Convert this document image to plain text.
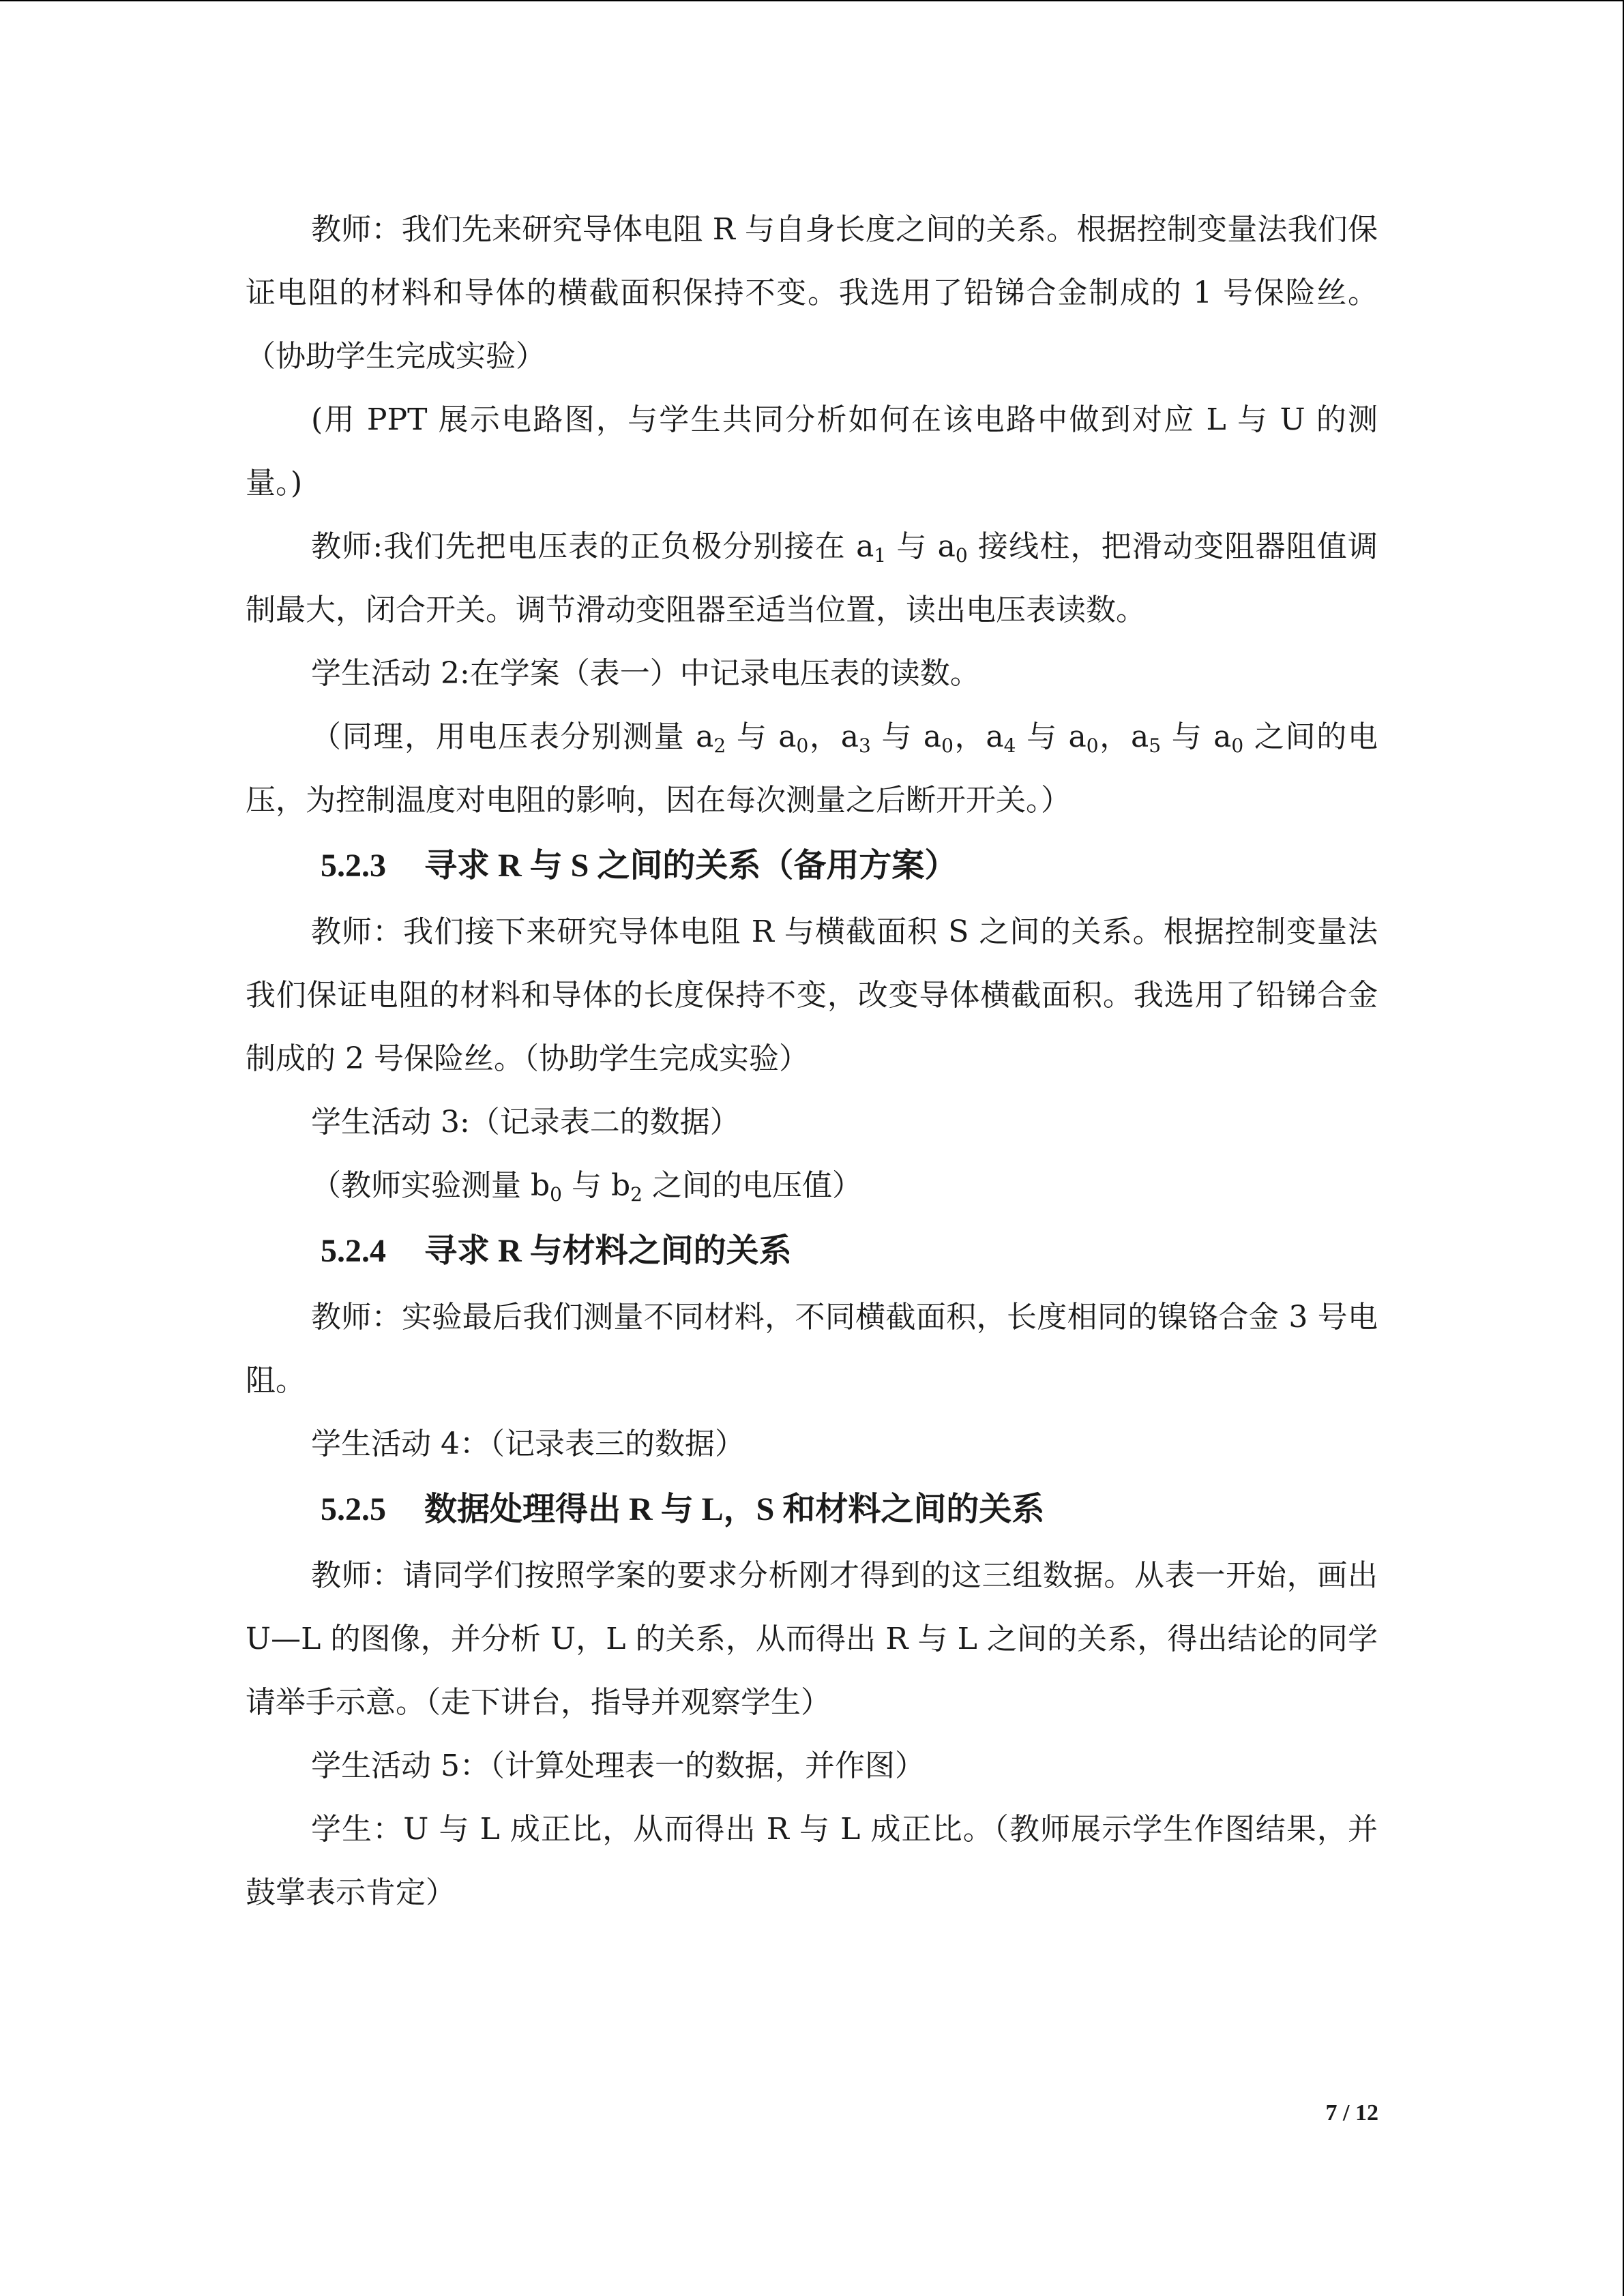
教师：我们先来研究导体电阻 R 与自身长度之间的关系。根据控制变量法我们保证电阻的材料和导体的横截面积保持不变。我选用了铅锑合金制成的 1 号保险丝。（协助学生完成实验）

(用 PPT 展示电路图，与学生共同分析如何在该电路中做到对应 L 与 U 的测量。)

教师:我们先把电压表的正负极分别接在 $a_1$ 与 $a_0$ 接线柱，把滑动变阻器阻值调制最大，闭合开关。调节滑动变阻器至适当位置，读出电压表读数。

学生活动 2:在学案（表一）中记录电压表的读数。

（同理，用电压表分别测量 $a_2$ 与 $a_0$，$a_3$ 与 $a_0$，$a_4$ 与 $a_0$，$a_5$ 与 $a_0$ 之间的电压，为控制温度对电阻的影响，因在每次测量之后断开开关。）

5.2.3 寻求 R 与 S 之间的关系（备用方案）

教师：我们接下来研究导体电阻 R 与横截面积 S 之间的关系。根据控制变量法我们保证电阻的材料和导体的长度保持不变，改变导体横截面积。我选用了铅锑合金制成的 2 号保险丝。（协助学生完成实验）

学生活动 3:（记录表二的数据）

（教师实验测量 $b_0$ 与 $b_2$ 之间的电压值）

5.2.4 寻求 R 与材料之间的关系

教师：实验最后我们测量不同材料，不同横截面积，长度相同的镍铬合金 3 号电阻。

学生活动 4：（记录表三的数据）

5.2.5 数据处理得出 R 与 L，S 和材料之间的关系

教师：请同学们按照学案的要求分析刚才得到的这三组数据。从表一开始，画出 U—L 的图像，并分析 U，L 的关系，从而得出 R 与 L 之间的关系，得出结论的同学请举手示意。（走下讲台，指导并观察学生）

学生活动 5：（计算处理表一的数据，并作图）

学生：U 与 L 成正比，从而得出 R 与 L 成正比。（教师展示学生作图结果，并鼓掌表示肯定）

7 / 12
